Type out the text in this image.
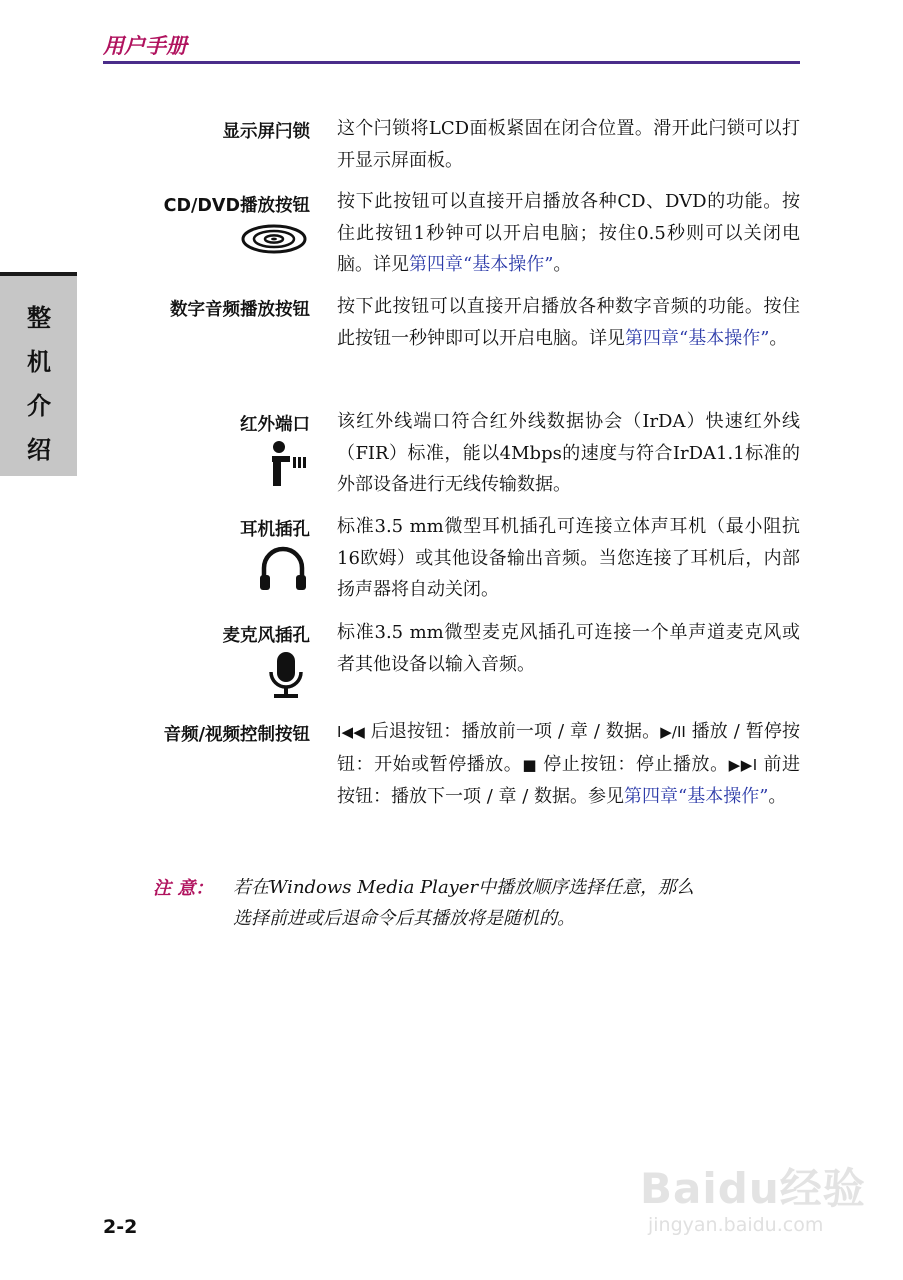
用户手册
整
机
介
绍
显示屏闩锁 这个闩锁将LCD面板紧固在闭合位置。滑开此闩锁可以打开显示屏面板。
CD/DVD播放按钮 按下此按钮可以直接开启播放各种CD、DVD的功能。按住此按钮1秒钟可以开启电脑；按住0.5秒则可以关闭电脑。详见第四章“基本操作”。
数字音频播放按钮 按下此按钮可以直接开启播放各种数字音频的功能。按住此按钮一秒钟即可以开启电脑。详见第四章“基本操作”。
红外端口 该红外线端口符合红外线数据协会（IrDA）快速红外线（FIR）标准，能以4Mbps的速度与符合IrDA1.1标准的外部设备进行无线传输数据。
耳机插孔 标准3.5 mm微型耳机插孔可连接立体声耳机（最小阻抗16欧姆）或其他设备输出音频。当您连接了耳机后，内部扬声器将自动关闭。
麦克风插孔 标准3.5 mm微型麦克风插孔可连接一个单声道麦克风或者其他设备以输入音频。
音频/视频控制按钮 I◀◀ 后退按钮：播放前一项 / 章 / 数据。▶/II 播放 / 暂停按钮：开始或暂停播放。■ 停止按钮：停止播放。▶▶I 前进按钮：播放下一项 / 章 / 数据。参见第四章“基本操作”。
注 意： 若在Windows Media Player中播放顺序选择任意，那么
选择前进或后退命令后其播放将是随机的。
Baidu经验
jingyan.baidu.com
2-2
